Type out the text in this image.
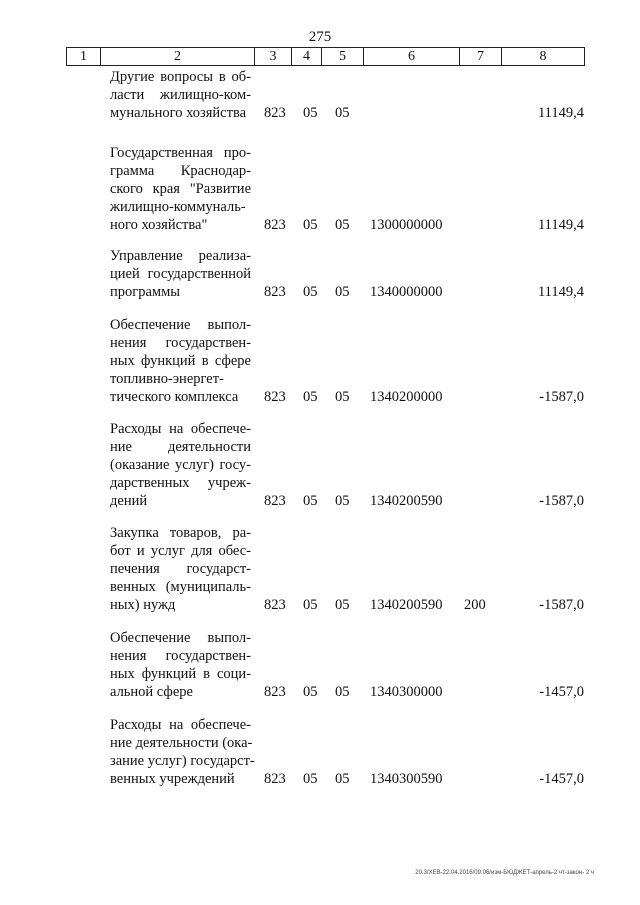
275
1	2	3	4	5	6	7	8
Другие вопросы в об-
ласти жилищно-ком-
мунального хозяйства	823 05 05	11149,4
Государственная про-
грамма Краснодар-
ского края "Развитие
жилищно-коммуналь-
ного хозяйства"	823 05 05 1300000000	11149,4
Управление реализа-
цией государственной
программы	823 05 05 1340000000	11149,4
Обеспечение выпол-
нения государствен-
ных функций в сфере
топливно-энергет-
тического комплекса	823 05 05 1340200000	-1587,0
Расходы на обеспече-
ние деятельности
(оказание услуг) госу-
дарственных учреж-
дений	823 05 05 1340200590	-1587,0
Закупка товаров, ра-
бот и услуг для обес-
печения государст-
венных (муниципаль-
ных) нужд	823 05 05 1340200590 200	-1587,0
Обеспечение выпол-
нения государствен-
ных функций в соци-
альной сфере	823 05 05 1340300000	-1457,0
Расходы на обеспече-
ние деятельности (ока-
зание услуг) государст-
венных учреждений	823 05 05 1340300590	-1457,0
20.3/ХЕВ-22.04.2016/09.06/изм-БЮДЖЕТ-апрель-2 чт-закон- 2 ч
